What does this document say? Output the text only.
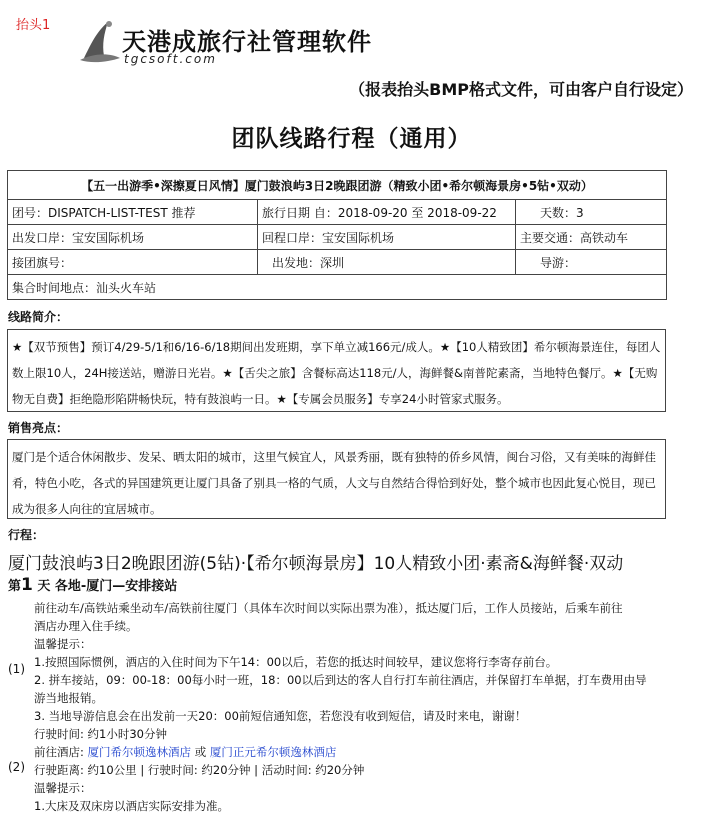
抬头1
天港成旅行社管理软件
tgcsoft.com
（报表抬头BMP格式文件，可由客户自行设定）
团队线路行程（通用）
【五一出游季•深擦夏日风情】厦门鼓浪屿3日2晚跟团游（精致小团•希尔顿海景房•5钻•双动）		
团号：DISPATCH-LIST-TEST 推荐	旅行日期 自：2018-09-20 至 2018-09-22	天数：3
出发口岸：宝安国际机场	回程口岸：宝安国际机场	主要交通：高铁动车
接团旗号：	出发地：深圳	导游：
集合时间地点：汕头火车站		
线路简介：
★【双节预售】预订4/29-5/1和6/16-6/18期间出发班期，享下单立减166元/成人。★【10人精致团】希尔顿海景连住，每团人数上限10人，24H接送站，赠游日光岩。★【舌尖之旅】含餐标高达118元/人，海鲜餐&南普陀素斋，当地特色餐厅。★【无购物无自费】拒绝隐形陷阱畅快玩，特有鼓浪屿一日。★【专属会员服务】专享24小时管家式服务。
销售亮点：
厦门是个适合休闲散步、发呆、晒太阳的城市，这里气候宜人，风景秀丽，既有独特的侨乡风情，闽台习俗，又有美味的海鲜佳肴，特色小吃，各式的异国建筑更让厦门具备了别具一格的气质，人文与自然结合得恰到好处，整个城市也因此复心悦目，现已成为很多人向往的宜居城市。
行程：
厦门鼓浪屿3日2晚跟团游(5钻)·【希尔顿海景房】10人精致小团·素斋&海鲜餐·双动
第1 天 各地-厦门—安排接站
(1)
前往动车/高铁站乘坐动车/高铁前往厦门（具体车次时间以实际出票为准），抵达厦门后，工作人员接站，后乘车前往
酒店办理入住手续。
温馨提示：
1.按照国际惯例，酒店的入住时间为下午14：00以后，若您的抵达时间较早，建议您将行李寄存前台。
2. 拼车接站，09：00-18：00每小时一班，18：00以后到达的客人自行打车前往酒店，并保留打车单据，打车费用由导
游当地报销。
3. 当地导游信息会在出发前一天20：00前短信通知您，若您没有收到短信，请及时来电，谢谢！
行驶时间: 约1小时30分钟
前往酒店: 厦门希尔顿逸林酒店 或 厦门正元希尔顿逸林酒店
行驶距离: 约10公里 | 行驶时间: 约20分钟 | 活动时间: 约20分钟
温馨提示：
1.大床及双床房以酒店实际安排为准。
(2)
